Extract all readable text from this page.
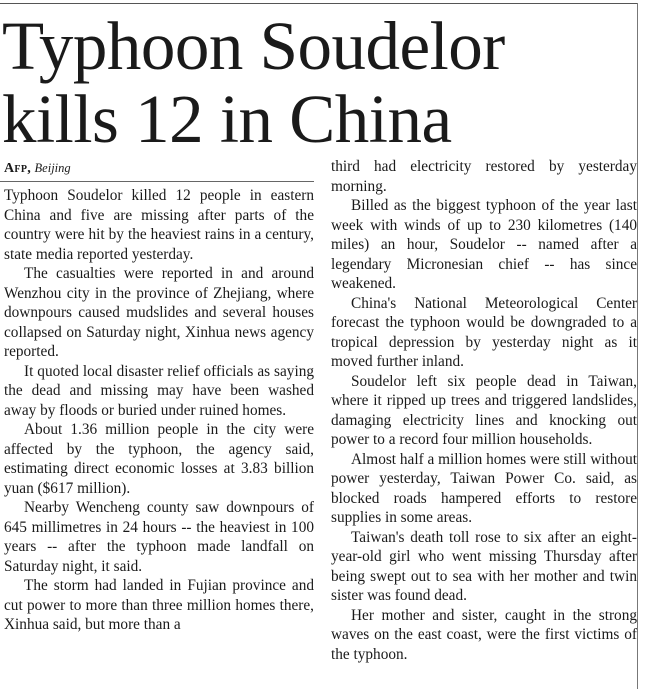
Typhoon Soudelor
kills 12 in China
Afp, Beijing

Typhoon Soudelor killed 12 people in eastern China and five are missing after parts of the country were hit by the heaviest rains in a century, state media reported yesterday.

The casualties were reported in and around Wenzhou city in the province of Zhejiang, where downpours caused mudslides and several houses collapsed on Saturday night, Xinhua news agency reported.

It quoted local disaster relief officials as saying the dead and missing may have been washed away by floods or buried under ruined homes.

About 1.36 million people in the city were affected by the typhoon, the agency said, estimating direct economic losses at 3.83 billion yuan ($617 million).

Nearby Wencheng county saw downpours of 645 millimetres in 24 hours -- the heaviest in 100 years -- after the typhoon made landfall on Saturday night, it said.

The storm had landed in Fujian province and cut power to more than three million homes there, Xinhua said, but more than a

third had electricity restored by yesterday morning.

Billed as the biggest typhoon of the year last week with winds of up to 230 kilometres (140 miles) an hour, Soudelor -- named after a legendary Micronesian chief -- has since weakened.

China's National Meteorological Center forecast the typhoon would be downgraded to a tropical depression by yesterday night as it moved further inland.

Soudelor left six people dead in Taiwan, where it ripped up trees and triggered landslides, damaging electricity lines and knocking out power to a record four million households.

Almost half a million homes were still without power yesterday, Taiwan Power Co. said, as blocked roads hampered efforts to restore supplies in some areas.

Taiwan's death toll rose to six after an eight-year-old girl who went missing Thursday after being swept out to sea with her mother and twin sister was found dead.

Her mother and sister, caught in the strong waves on the east coast, were the first victims of the typhoon.
